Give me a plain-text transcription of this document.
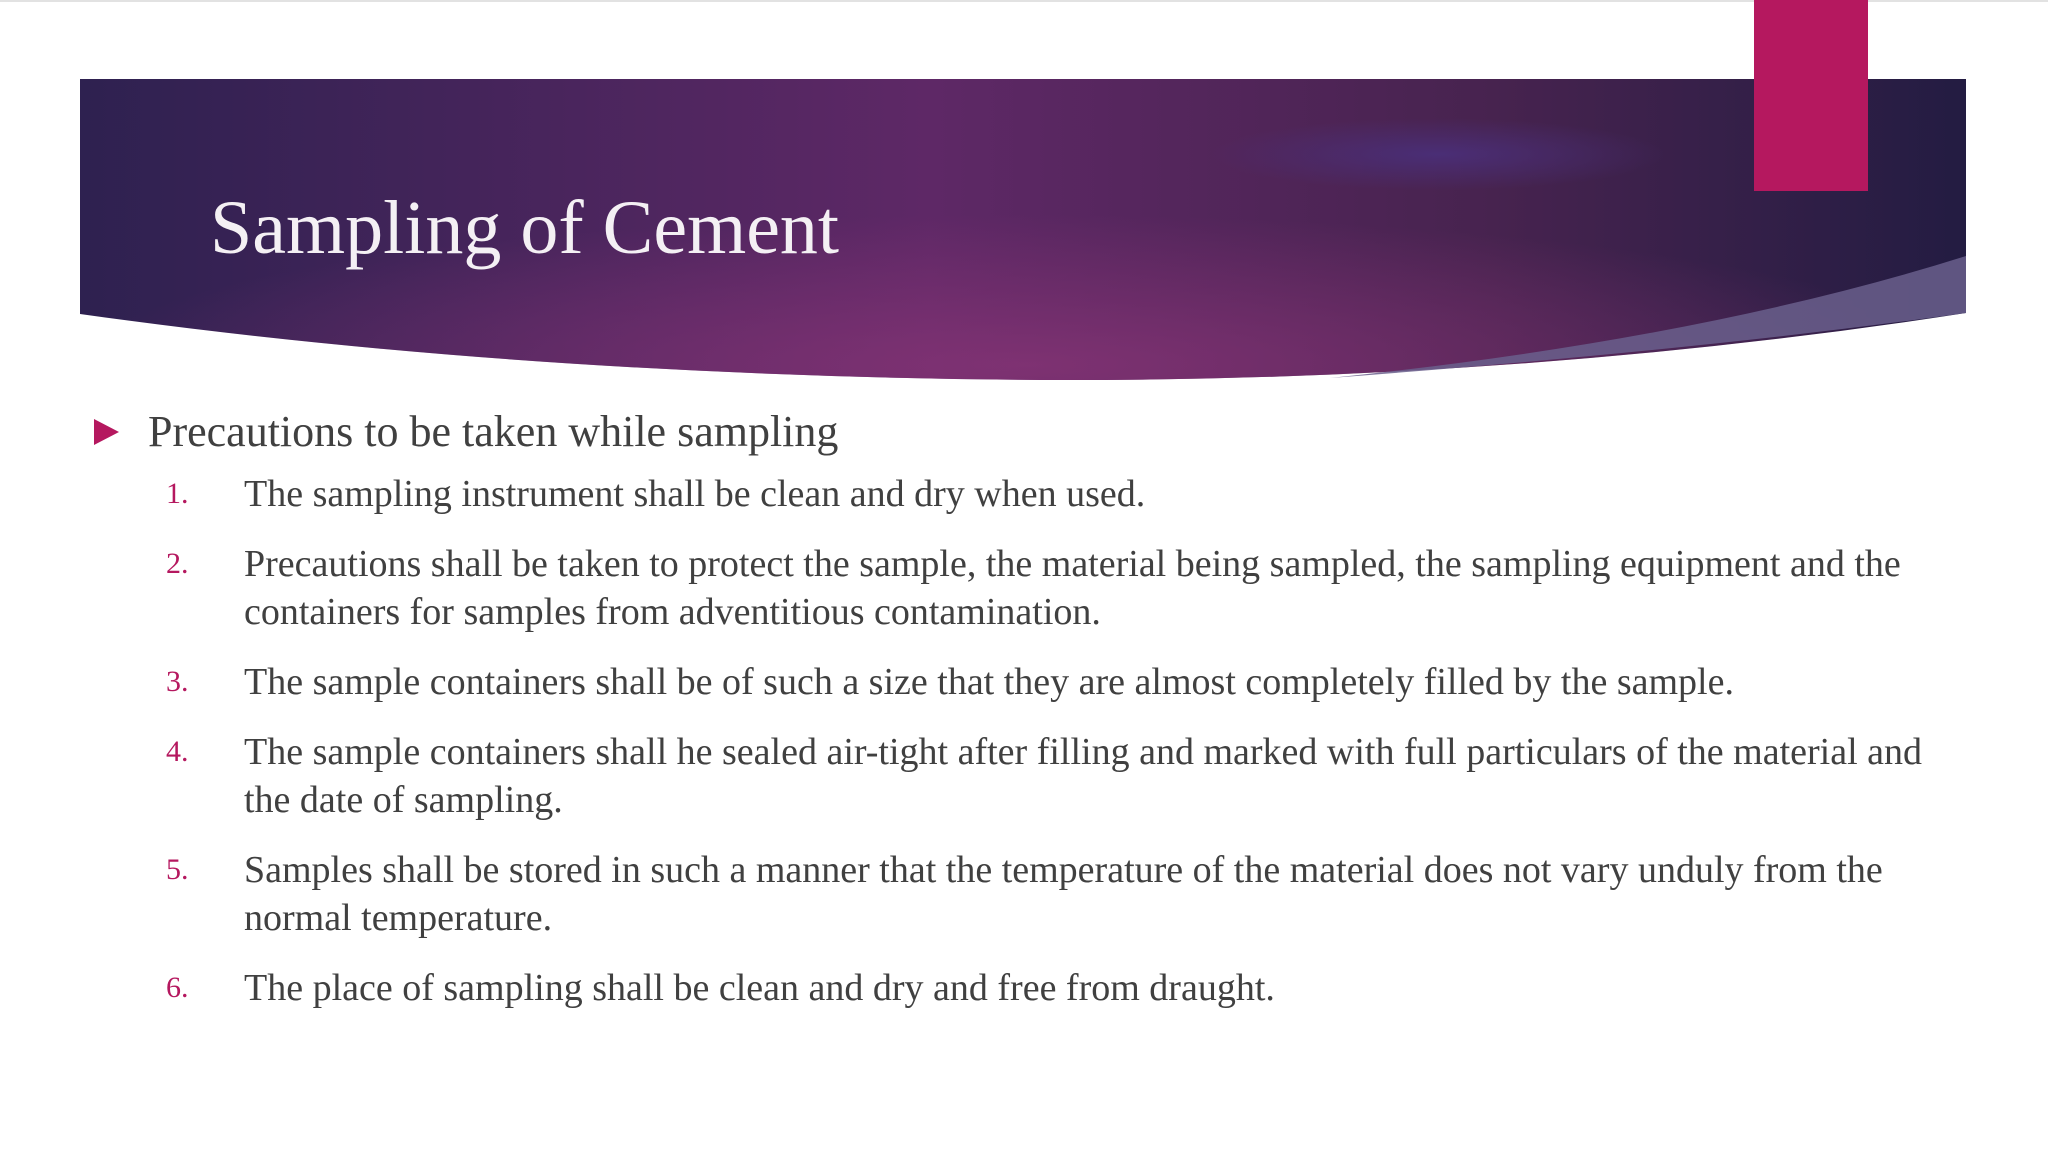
Sampling of Cement
Precautions to be taken while sampling
1.	The sampling instrument shall be clean and dry when used.
2.	Precautions shall be taken to protect the sample, the material being sampled, the sampling equipment and the containers for samples from adventitious contamination.
3.	The sample containers shall be of such a size that they are almost completely filled by the sample.
4.	The sample containers shall he sealed air-tight after filling and marked with full particulars of the material and the date of sampling.
5.	Samples shall be stored in such a manner that the temperature of the material does not vary unduly from the normal temperature.
6.	The place of sampling shall be clean and dry and free from draught.
